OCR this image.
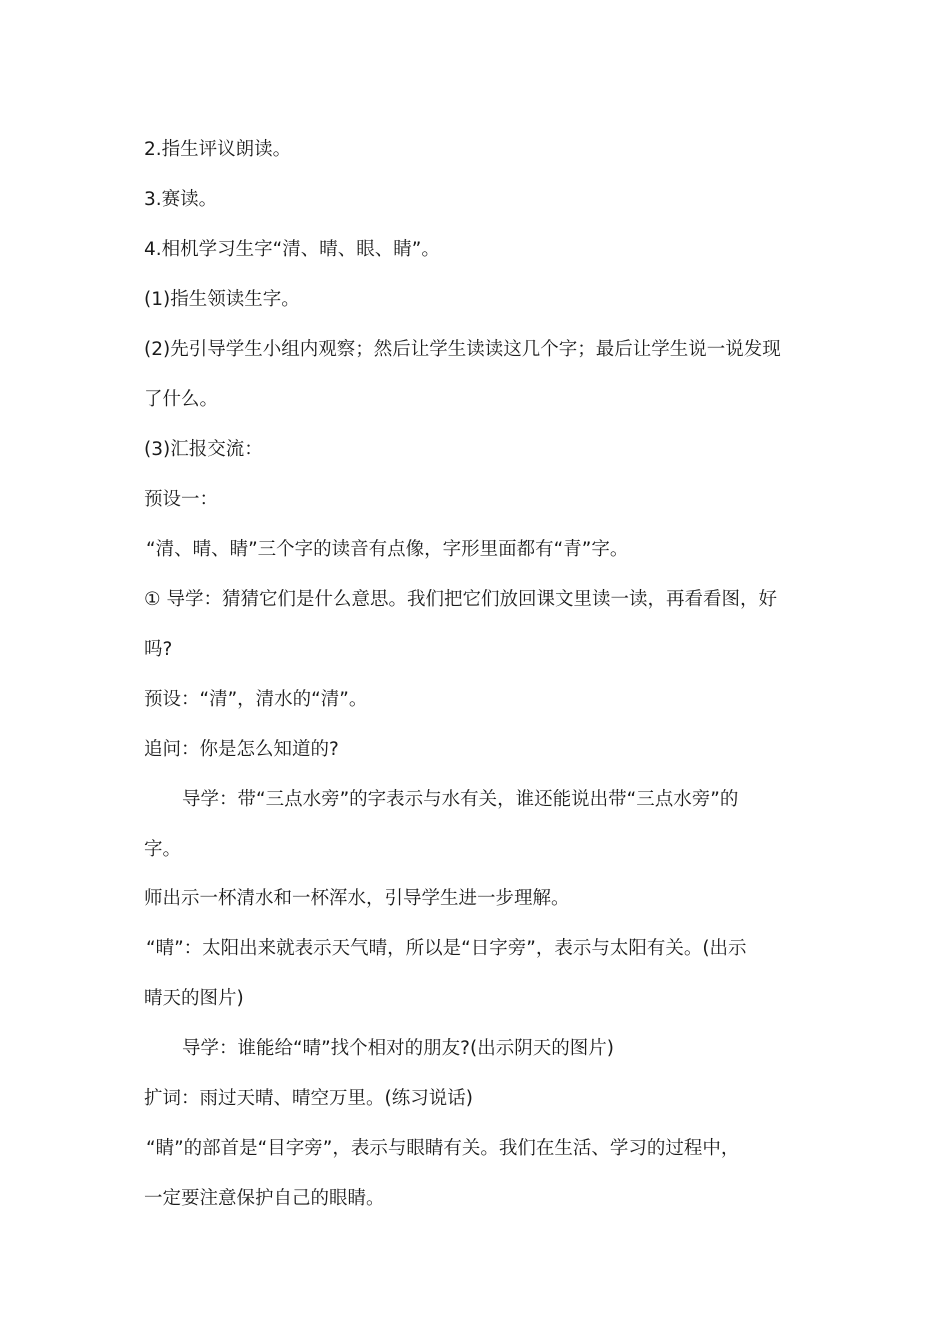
2.指生评议朗读。
3.赛读。
4.相机学习生字“清、晴、眼、睛”。
(1)指生领读生字。
(2)先引导学生小组内观察；然后让学生读读这几个字；最后让学生说一说发现
了什么。
(3)汇报交流：
预设一：
“清、晴、睛”三个字的读音有点像，字形里面都有“青”字。
① 导学：猜猜它们是什么意思。我们把它们放回课文里读一读，再看看图，好
吗?
预设：“清”，清水的“清”。
追问：你是怎么知道的?
导学：带“三点水旁”的字表示与水有关，谁还能说出带“三点水旁”的
字。
师出示一杯清水和一杯浑水，引导学生进一步理解。
“晴”：太阳出来就表示天气晴，所以是“日字旁”，表示与太阳有关。(出示
晴天的图片)
导学：谁能给“晴”找个相对的朋友?(出示阴天的图片)
扩词：雨过天晴、晴空万里。(练习说话)
“睛”的部首是“目字旁”，表示与眼睛有关。我们在生活、学习的过程中，
一定要注意保护自己的眼睛。
